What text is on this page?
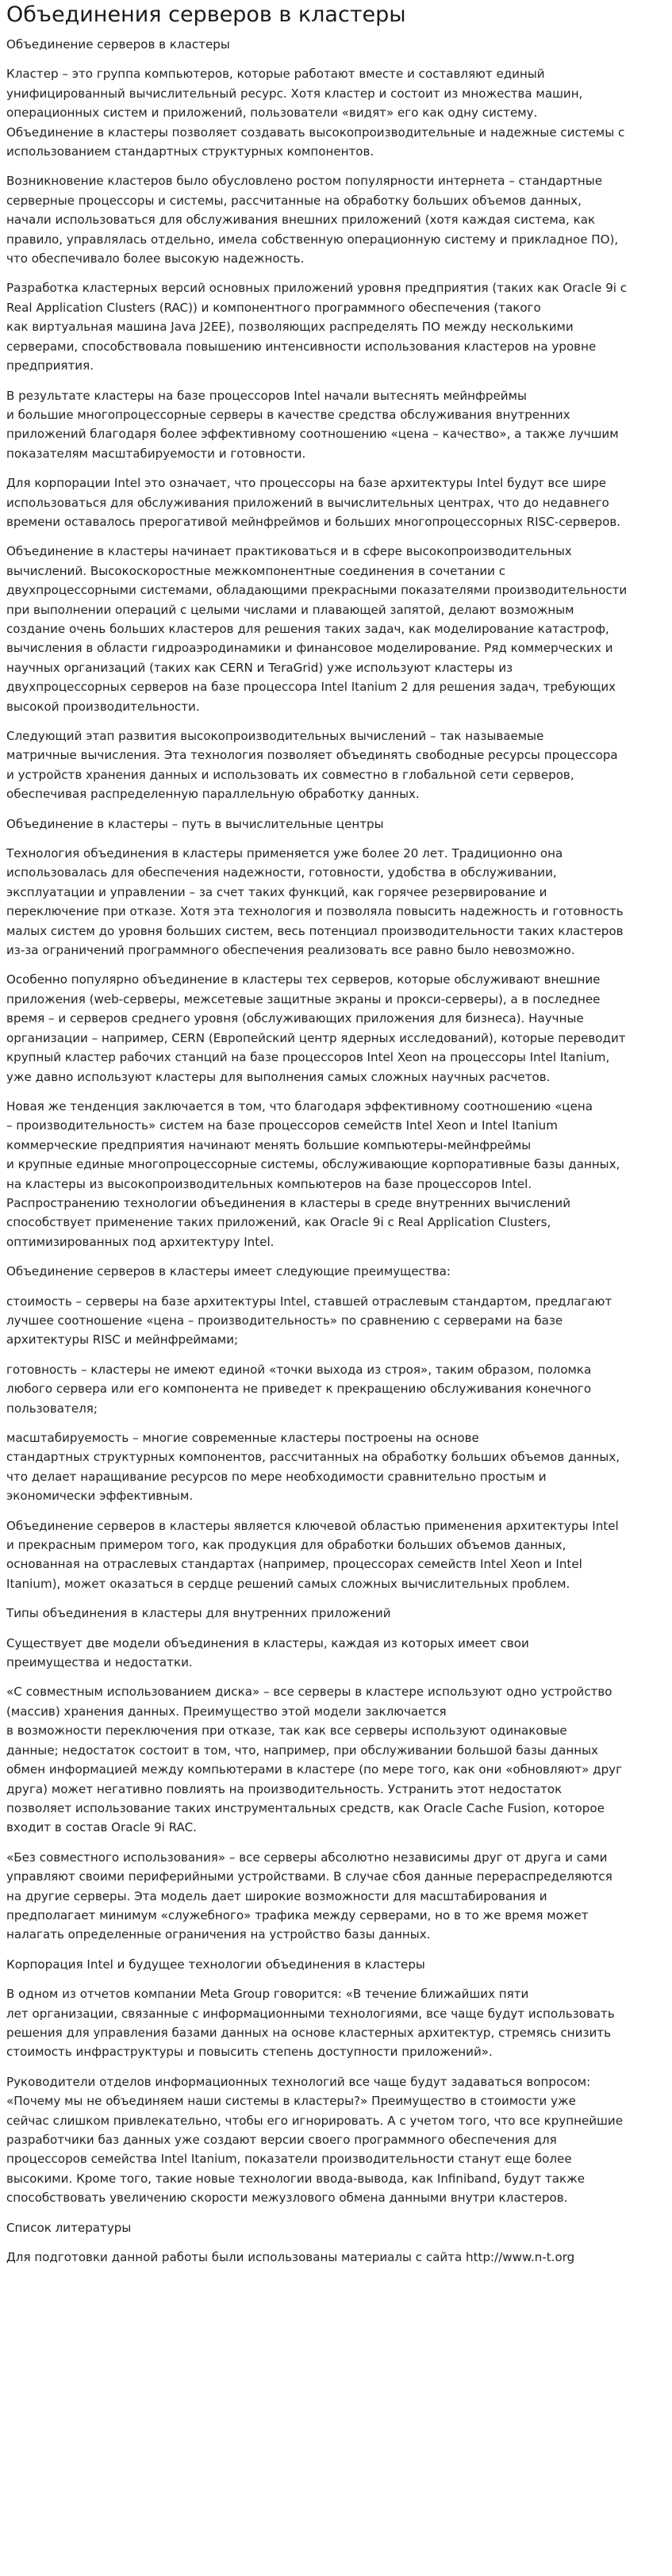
Объединения серверов в кластеры

Объединение серверов в кластеры

Кластер – это группа компьютеров, которые работают вместе и составляют единый
унифицированный вычислительный ресурс. Хотя кластер и состоит из множества машин,
операционных систем и приложений, пользователи «видят» его как одну систему.
Объединение в кластеры позволяет создавать высокопроизводительные и надежные системы с
использованием стандартных структурных компонентов.

Возникновение кластеров было обусловлено ростом популярности интернета – стандартные
серверные процессоры и системы, рассчитанные на обработку больших объемов данных,
начали использоваться для обслуживания внешних приложений (хотя каждая система, как
правило, управлялась отдельно, имела собственную операционную систему и прикладное ПО),
что обеспечивало более высокую надежность.

Разработка кластерных версий основных приложений уровня предприятия (таких как Oracle 9i с
Real Application Clusters (RAC)) и компонентного программного обеспечения (такого
как виртуальная машина Java J2EE), позволяющих распределять ПО между несколькими
серверами, способствовала повышению интенсивности использования кластеров на уровне
предприятия.

В результате кластеры на базе процессоров Intel начали вытеснять мейнфреймы
и большие многопроцессорные серверы в качестве средства обслуживания внутренних
приложений благодаря более эффективному соотношению «цена – качество», а также лучшим
показателям масштабируемости и готовности.

Для корпорации Intel это означает, что процессоры на базе архитектуры Intel будут все шире
использоваться для обслуживания приложений в вычислительных центрах, что до недавнего
времени оставалось прерогативой мейнфреймов и больших многопроцессорных RISC-серверов.

Объединение в кластеры начинает практиковаться и в сфере высокопроизводительных
вычислений. Высокоскоростные межкомпонентные соединения в сочетании с
двухпроцессорными системами, обладающими прекрасными показателями производительности
при выполнении операций с целыми числами и плавающей запятой, делают возможным
создание очень больших кластеров для решения таких задач, как моделирование катастроф,
вычисления в области гидроаэродинамики и финансовое моделирование. Ряд коммерческих и
научных организаций (таких как CERN и TeraGrid) уже используют кластеры из
двухпроцессорных серверов на базе процессора Intel Itanium 2 для решения задач, требующих
высокой производительности.

Следующий этап развития высокопроизводительных вычислений – так называемые
матричные вычисления. Эта технология позволяет объединять свободные ресурсы процессора
и устройств хранения данных и использовать их совместно в глобальной сети серверов,
обеспечивая распределенную параллельную обработку данных.

Объединение в кластеры – путь в вычислительные центры

Технология объединения в кластеры применяется уже более 20 лет. Традиционно она
использовалась для обеспечения надежности, готовности, удобства в обслуживании,
эксплуатации и управлении – за счет таких функций, как горячее резервирование и
переключение при отказе. Хотя эта технология и позволяла повысить надежность и готовность
малых систем до уровня больших систем, весь потенциал производительности таких кластеров
из-за ограничений программного обеспечения реализовать все равно было невозможно.

Особенно популярно объединение в кластеры тех серверов, которые обслуживают внешние
приложения (web-серверы, межсетевые защитные экраны и прокси-серверы), а в последнее
время – и серверов среднего уровня (обслуживающих приложения для бизнеса). Научные
организации – например, CERN (Европейский центр ядерных исследований), которые переводит
крупный кластер рабочих станций на базе процессоров Intel Xeon на процессоры Intel Itanium,
уже давно используют кластеры для выполнения самых сложных научных расчетов.

Новая же тенденция заключается в том, что благодаря эффективному соотношению «цена
– производительность» систем на базе процессоров семейств Intel Xeon и Intel Itanium
коммерческие предприятия начинают менять большие компьютеры-мейнфреймы
и крупные единые многопроцессорные системы, обслуживающие корпоративные базы данных,
на кластеры из высокопроизводительных компьютеров на базе процессоров Intel.
Распространению технологии объединения в кластеры в среде внутренних вычислений
способствует применение таких приложений, как Oracle 9i с Real Application Clusters,
оптимизированных под архитектуру Intel.

Объединение серверов в кластеры имеет следующие преимущества:

стоимость – серверы на базе архитектуры Intel, ставшей отраслевым стандартом, предлагают
лучшее соотношение «цена – производительность» по сравнению с серверами на базе
архитектуры RISC и мейнфреймами;

готовность – кластеры не имеют единой «точки выхода из строя», таким образом, поломка
любого сервера или его компонента не приведет к прекращению обслуживания конечного
пользователя;

масштабируемость – многие современные кластеры построены на основе
стандартных структурных компонентов, рассчитанных на обработку больших объемов данных,
что делает наращивание ресурсов по мере необходимости сравнительно простым и
экономически эффективным.

Объединение серверов в кластеры является ключевой областью применения архитектуры Intel
и прекрасным примером того, как продукция для обработки больших объемов данных,
основанная на отраслевых стандартах (например, процессорах семейств Intel Xeon и Intel
Itanium), может оказаться в сердце решений самых сложных вычислительных проблем.

Типы объединения в кластеры для внутренних приложений

Существует две модели объединения в кластеры, каждая из которых имеет свои
преимущества и недостатки.

«С совместным использованием диска» – все серверы в кластере используют одно устройство
(массив) хранения данных. Преимущество этой модели заключается
в возможности переключения при отказе, так как все серверы используют одинаковые
данные; недостаток состоит в том, что, например, при обслуживании большой базы данных
обмен информацией между компьютерами в кластере (по мере того, как они «обновляют» друг
друга) может негативно повлиять на производительность. Устранить этот недостаток
позволяет использование таких инструментальных средств, как Oracle Cache Fusion, которое
входит в состав Oracle 9i RAC.

«Без совместного использования» – все серверы абсолютно независимы друг от друга и сами
управляют своими периферийными устройствами. В случае сбоя данные перераспределяются
на другие серверы. Эта модель дает широкие возможности для масштабирования и
предполагает минимум «служебного» трафика между серверами, но в то же время может
налагать определенные ограничения на устройство базы данных.

Корпорация Intel и будущее технологии объединения в кластеры

В одном из отчетов компании Meta Group говорится: «В течение ближайших пяти
лет организации, связанные с информационными технологиями, все чаще будут использовать
решения для управления базами данных на основе кластерных архитектур, стремясь снизить
стоимость инфраструктуры и повысить степень доступности приложений».

Руководители отделов информационных технологий все чаще будут задаваться вопросом:
«Почему мы не объединяем наши системы в кластеры?» Преимущество в стоимости уже
сейчас слишком привлекательно, чтобы его игнорировать. А с учетом того, что все крупнейшие
разработчики баз данных уже создают версии своего программного обеспечения для
процессоров семейства Intel Itanium, показатели производительности станут еще более
высокими. Кроме того, такие новые технологии ввода-вывода, как Infiniband, будут также
способствовать увеличению скорости межузлового обмена данными внутри кластеров.

Список литературы

Для подготовки данной работы были использованы материалы с сайта http://www.n-t.org
